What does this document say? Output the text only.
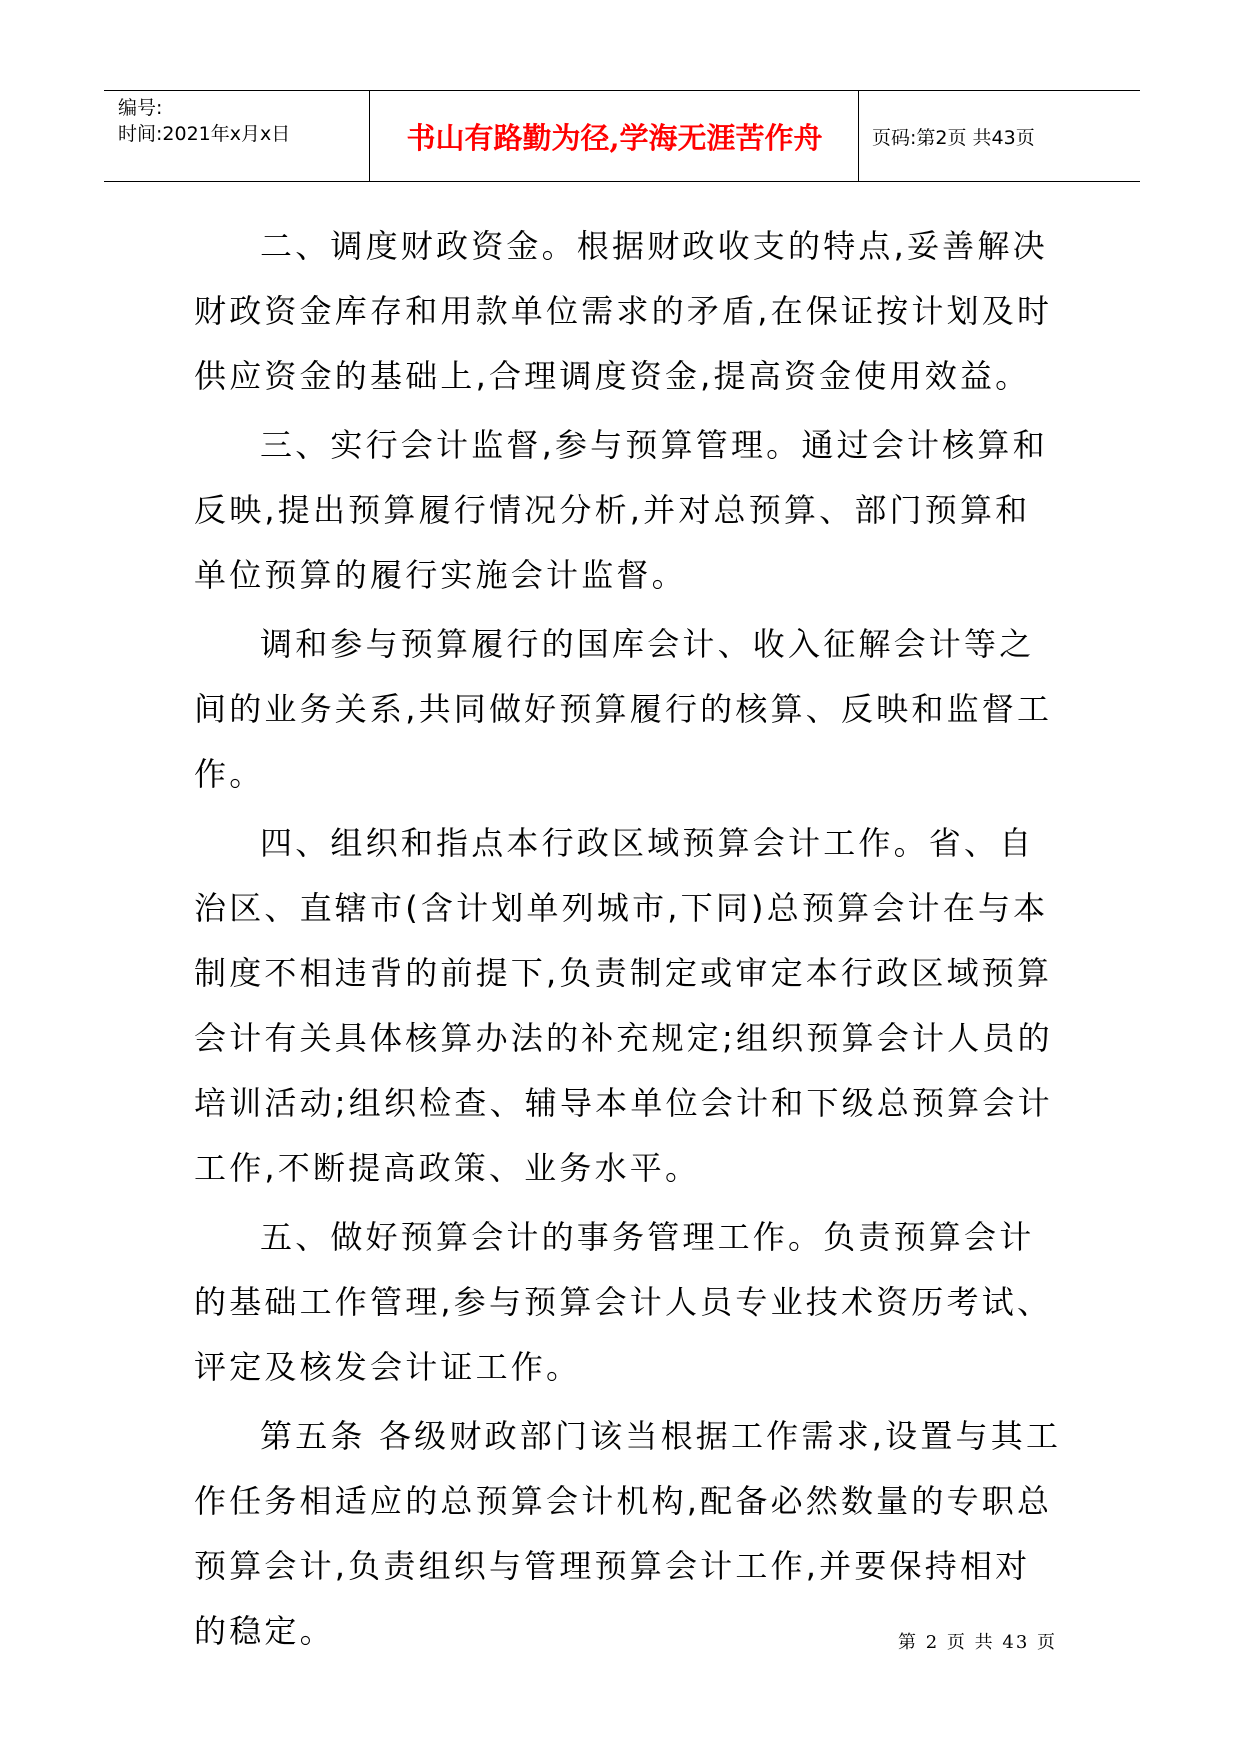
编号:
时间:2021年x月x日	书山有路勤为径,学海无涯苦作舟	页码:第2页 共43页

二、调度财政资金。根据财政收支的特点,妥善解决财政资金库存和用款单位需求的矛盾,在保证按计划及时供应资金的基础上,合理调度资金,提高资金使用效益。

三、实行会计监督,参与预算管理。通过会计核算和反映,提出预算履行情况分析,并对总预算、部门预算和单位预算的履行实施会计监督。

调和参与预算履行的国库会计、收入征解会计等之间的业务关系,共同做好预算履行的核算、反映和监督工作。

四、组织和指点本行政区域预算会计工作。省、自治区、直辖市(含计划单列城市,下同)总预算会计在与本制度不相违背的前提下,负责制定或审定本行政区域预算会计有关具体核算办法的补充规定;组织预算会计人员的培训活动;组织检查、辅导本单位会计和下级总预算会计工作,不断提高政策、业务水平。

五、做好预算会计的事务管理工作。负责预算会计的基础工作管理,参与预算会计人员专业技术资历考试、评定及核发会计证工作。

第五条 各级财政部门该当根据工作需求,设置与其工作任务相适应的总预算会计机构,配备必然数量的专职总预算会计,负责组织与管理预算会计工作,并要保持相对的稳定。	第 2 页 共 43 页
